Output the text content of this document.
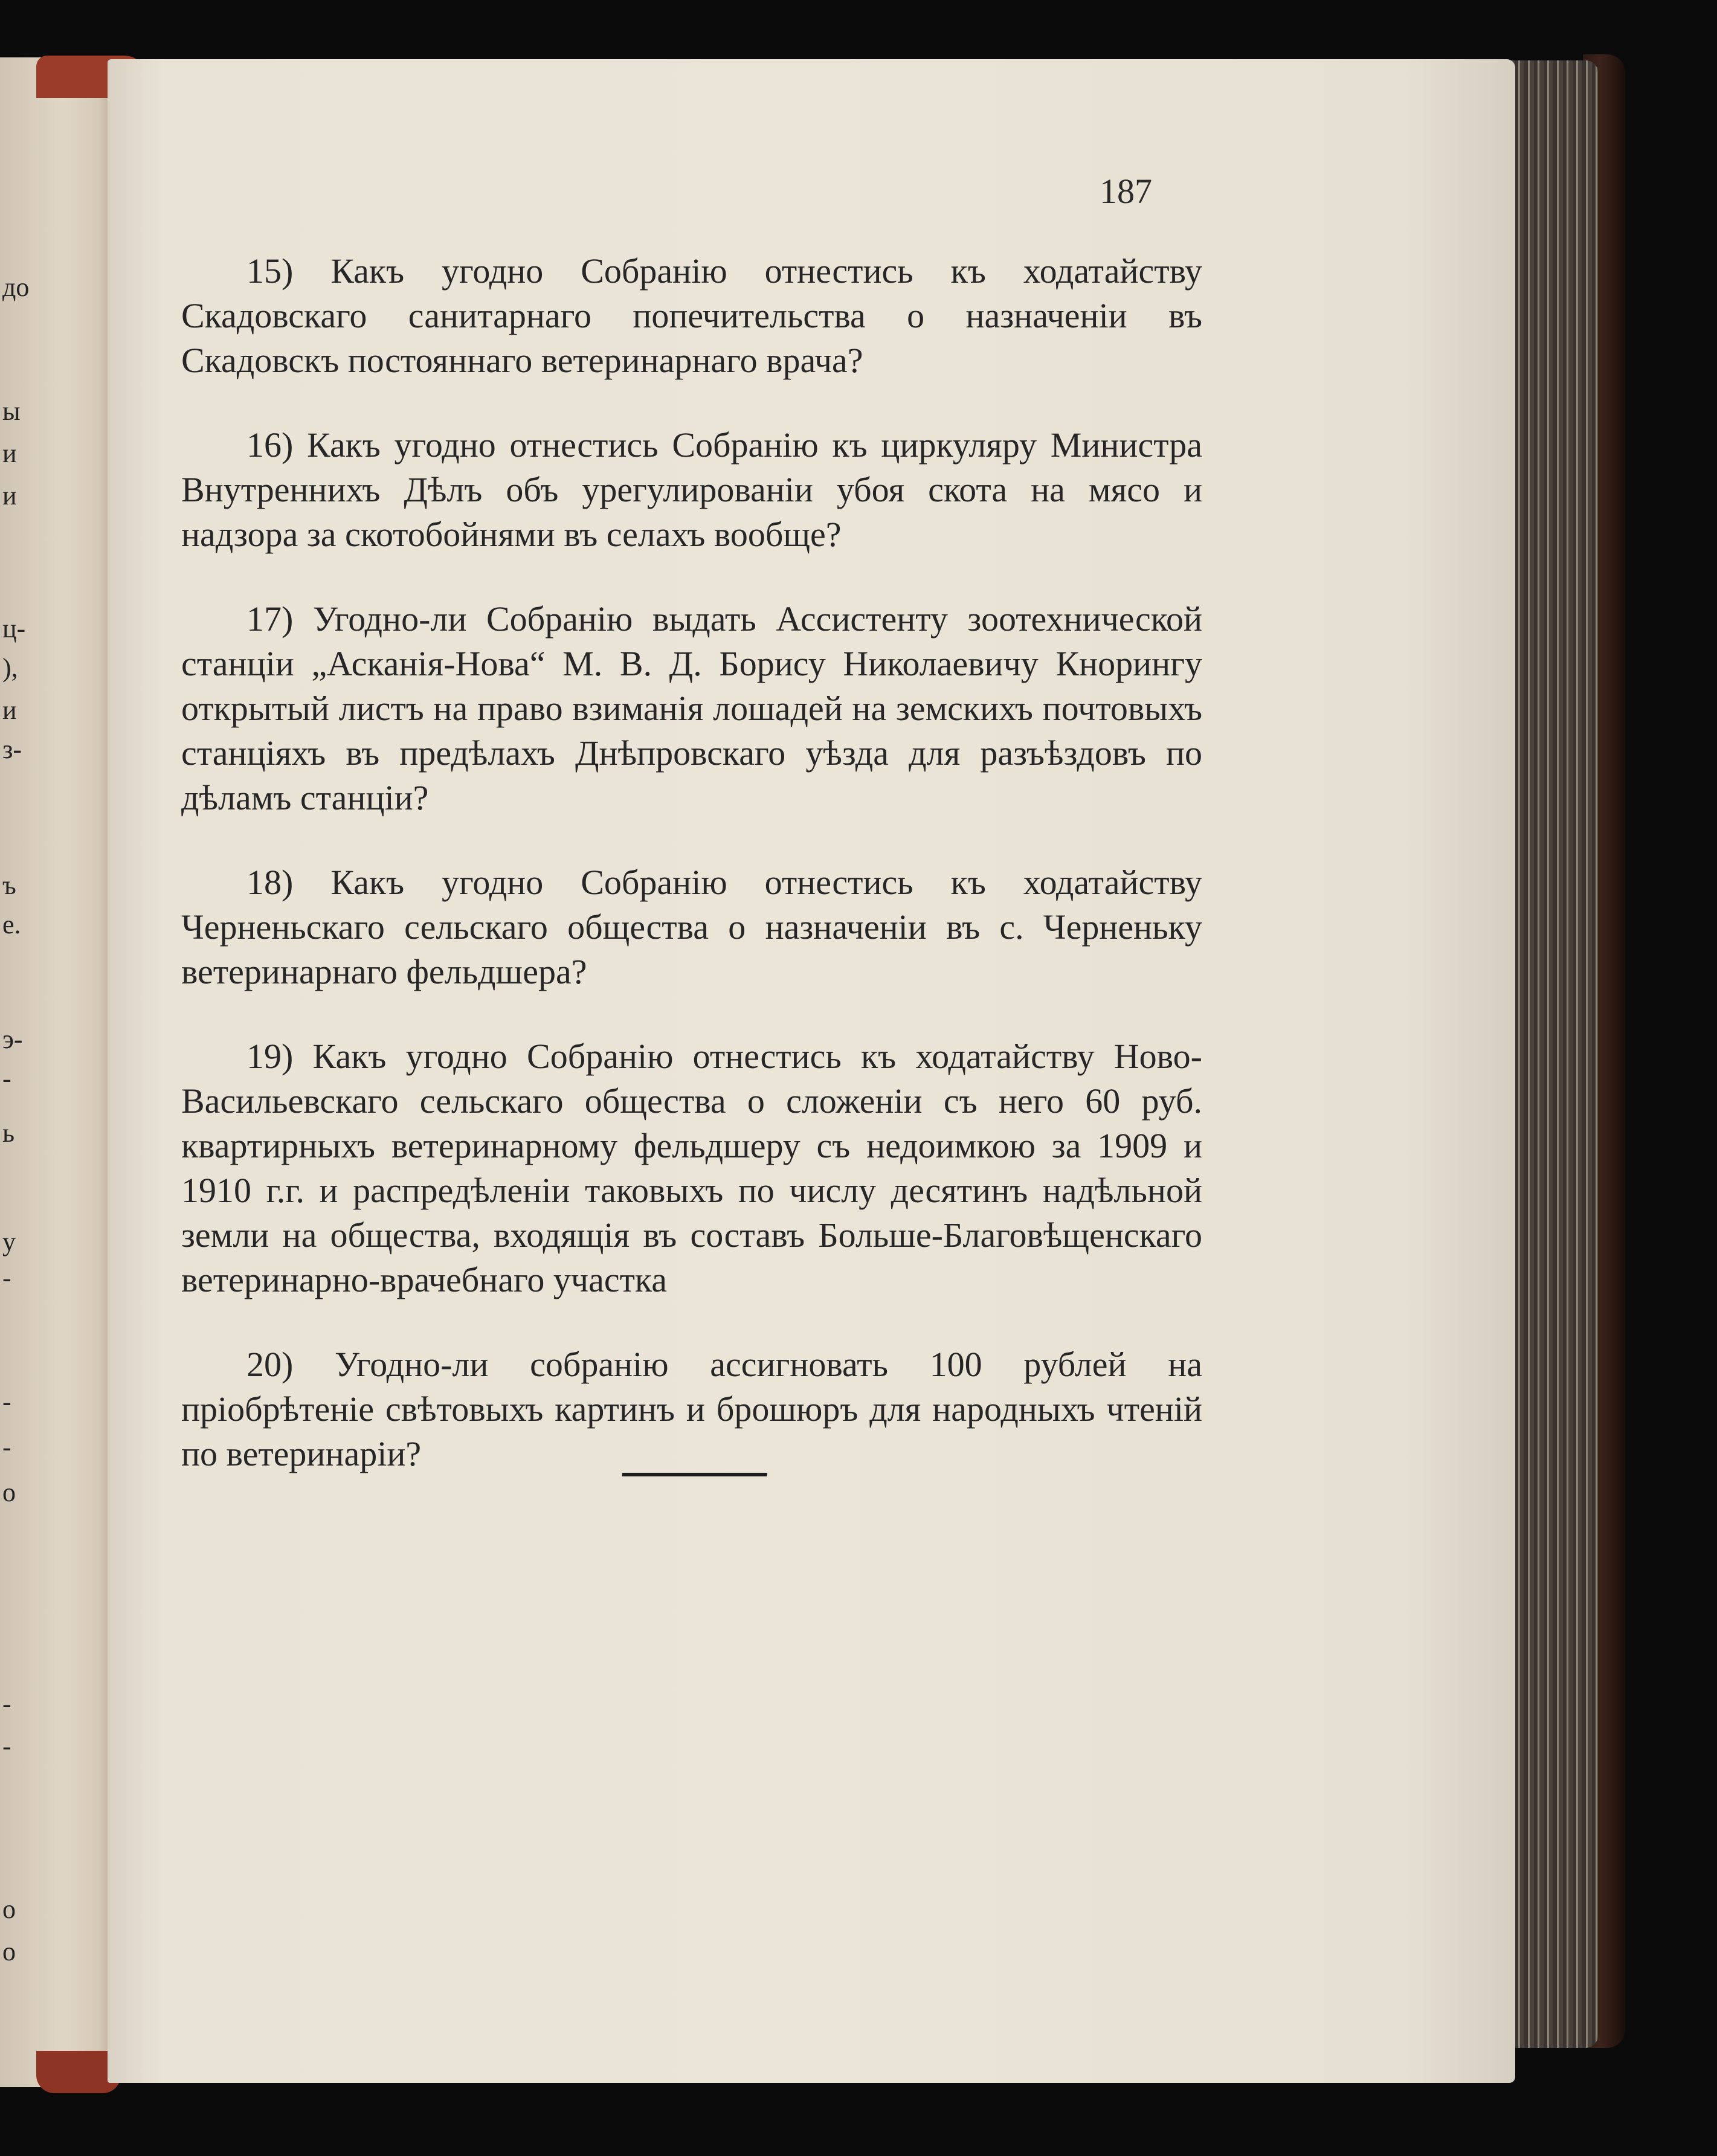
до
ы
и
и
ц-
),
и
з-
ъ
е.
э-
-
ь
у
-
-
-
о
-
-
о
о
187

15) Какъ угодно Собранію отнестись къ ходатайству Скадовскаго санитарнаго попечительства о назначеніи въ Скадовскъ постояннаго ветеринарнаго врача?

16) Какъ угодно отнестись Собранію къ циркуляру Министра Внутреннихъ Дѣлъ объ урегулированіи убоя скота на мясо и надзора за скотобойнями въ селахъ вообще?

17) Угодно-ли Собранію выдать Ассистенту зоотехнической станціи „Асканія-Нова“ М. В. Д. Борису Николаевичу Кнорингу открытый листъ на право взиманія лошадей на земскихъ почтовыхъ станціяхъ въ предѣлахъ Днѣпровскаго уѣзда для разъѣздовъ по дѣламъ станціи?

18) Какъ угодно Собранію отнестись къ ходатайству Черненьскаго сельскаго общества о назначеніи въ с. Черненьку ветеринарнаго фельдшера?

19) Какъ угодно Собранію отнестись къ ходатайству Ново-Васильевскаго сельскаго общества о сложеніи съ него 60 руб. квартирныхъ ветеринарному фельдшеру съ недоимкою за 1909 и 1910 г.г. и распредѣленіи таковыхъ по числу десятинъ надѣльной земли на общества, входящія въ составъ Больше-Благовѣщенскаго ветеринарно-врачебнаго участка

20) Угодно-ли собранію ассигновать 100 рублей на пріобрѣтеніе свѣтовыхъ картинъ и брошюръ для народныхъ чтеній по ветеринаріи?
